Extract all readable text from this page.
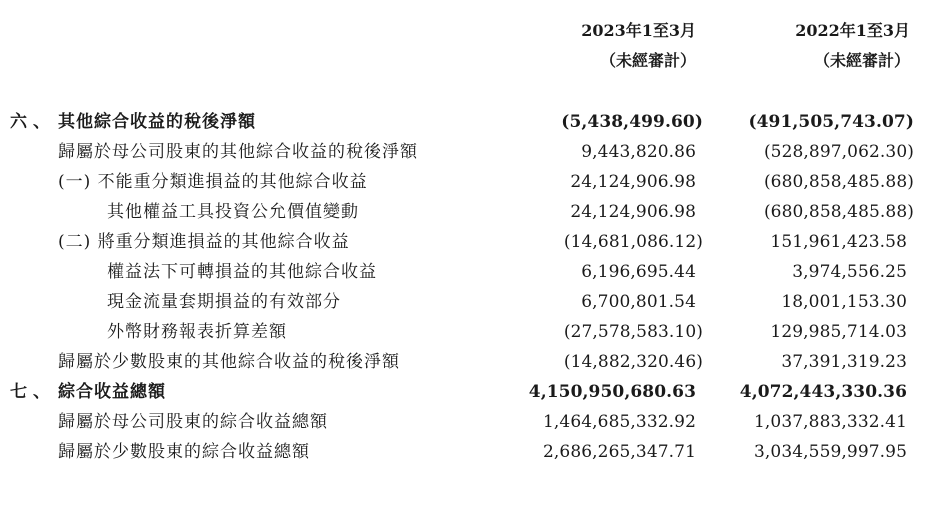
2023年1至3月
（未經審計）
2022年1至3月
（未經審計）
六、 其他綜合收益的稅後淨額	(5,438,499.60)	(491,505,743.07)
歸屬於母公司股東的其他綜合收益的稅後淨額	9,443,820.86	(528,897,062.30)
(一) 不能重分類進損益的其他綜合收益	24,124,906.98	(680,858,485.88)
其他權益工具投資公允價值變動	24,124,906.98	(680,858,485.88)
(二) 將重分類進損益的其他綜合收益	(14,681,086.12)	151,961,423.58
權益法下可轉損益的其他綜合收益	6,196,695.44	3,974,556.25
現金流量套期損益的有效部分	6,700,801.54	18,001,153.30
外幣財務報表折算差額	(27,578,583.10)	129,985,714.03
歸屬於少數股東的其他綜合收益的稅後淨額	(14,882,320.46)	37,391,319.23
七、 綜合收益總額	4,150,950,680.63	4,072,443,330.36
歸屬於母公司股東的綜合收益總額	1,464,685,332.92	1,037,883,332.41
歸屬於少數股東的綜合收益總額	2,686,265,347.71	3,034,559,997.95
